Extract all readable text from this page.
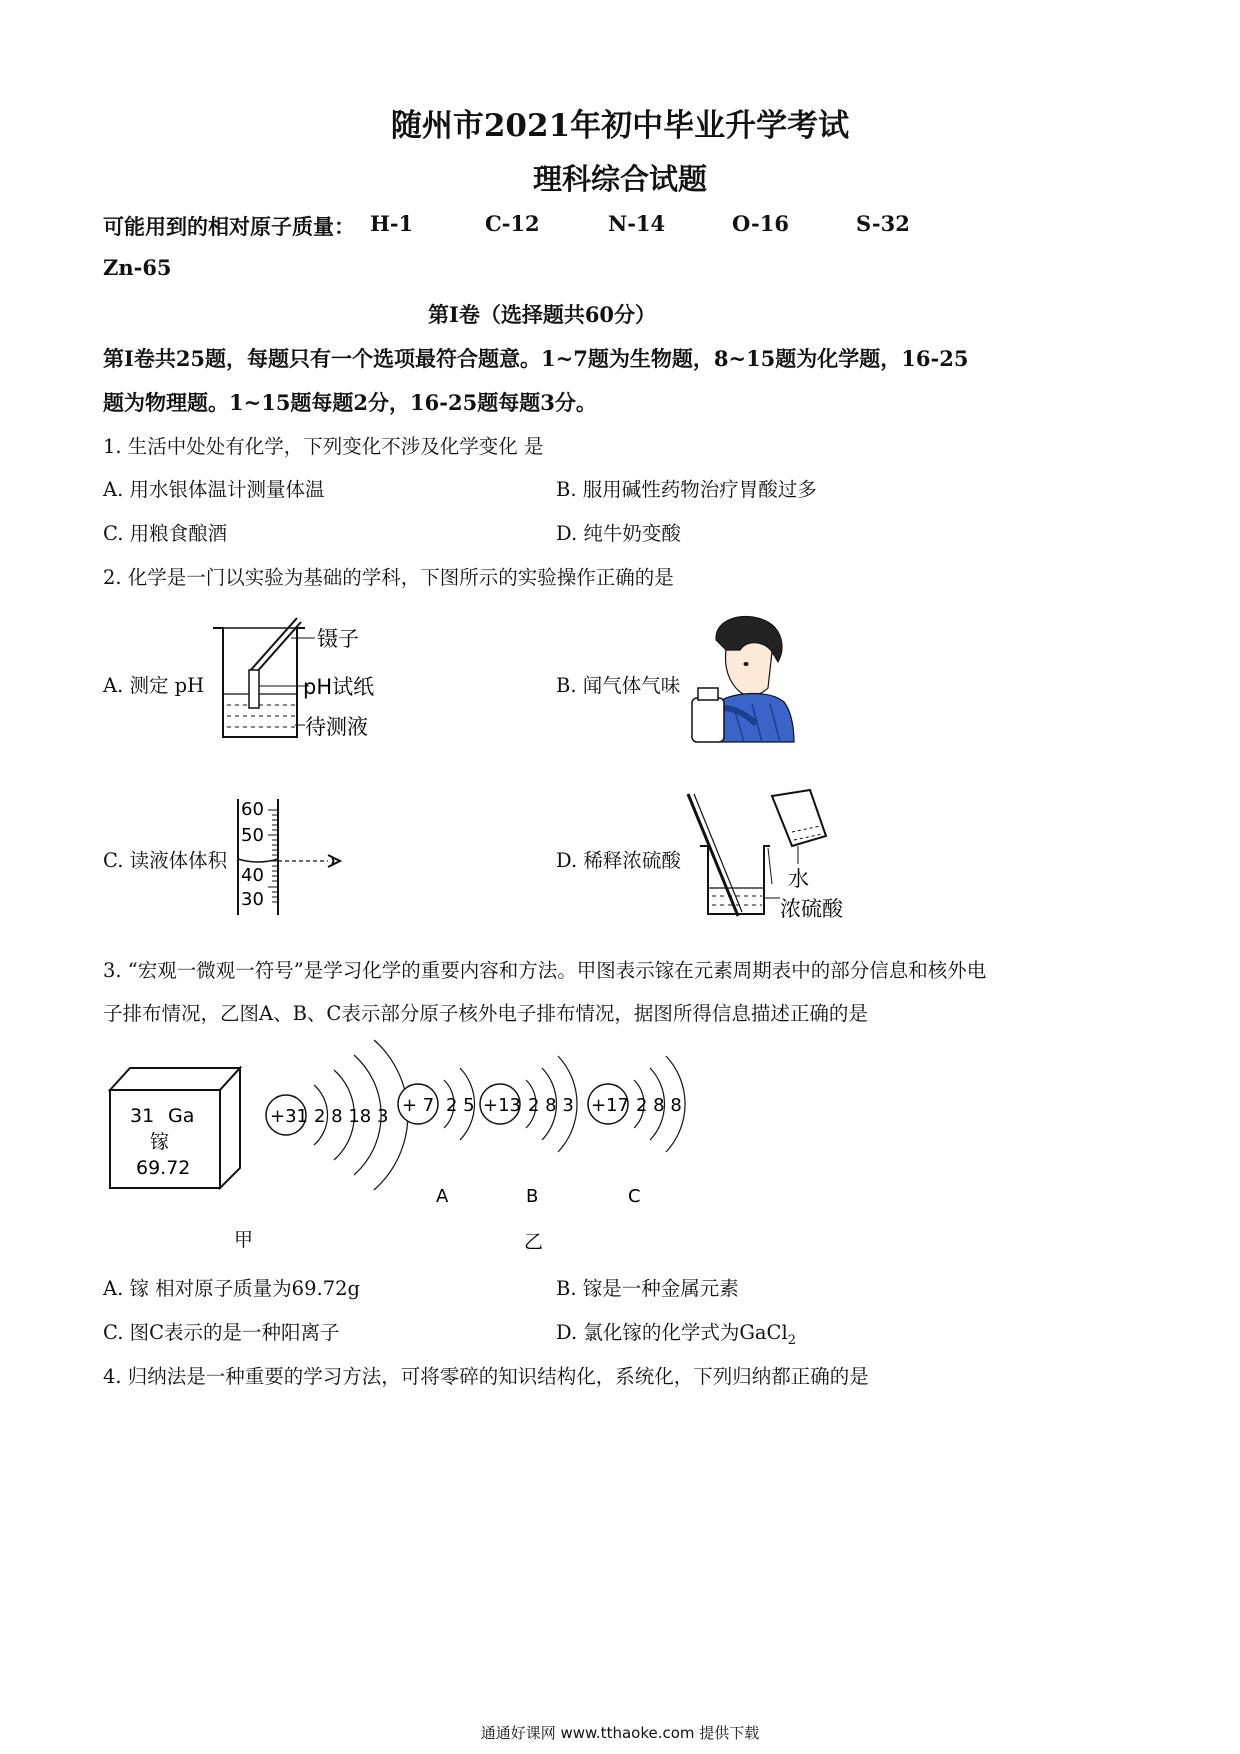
随州市2021年初中毕业升学考试
理科综合试题
可能用到的相对原子质量： H-1	C-12	N-14	O-16	S-32
Zn-65
第Ⅰ卷（选择题共60分）
第Ⅰ卷共25题，每题只有一个选项最符合题意。1~7题为生物题，8~15题为化学题，16-25
题为物理题。1~15题每题2分，16-25题每题3分。
1. 生活中处处有化学，下列变化不涉及化学变化 是
A. 用水银体温计测量体温	B. 服用碱性药物治疗胃酸过多
C. 用粮食酿酒	D. 纯牛奶变酸
2. 化学是一门以实验为基础的学科，下图所示的实验操作正确的是
A. 测定 pH
镊子
pH试纸
待测液
B. 闻气体气味
C. 读液体体积
60
50
40
30
D. 稀释浓硫酸
水
浓硫酸
3. “宏观一微观一符号”是学习化学的重要内容和方法。甲图表示镓在元素周期表中的部分信息和核外电
子排布情况，乙图A、B、C表示部分原子核外电子排布情况，据图所得信息描述正确的是
31 Ga
镓
69.72
+31 2 8 18 3
+ 7 2 5
A
+13 2 8 3
B
+17 2 8 8
C
甲	乙
A. 镓 相对原子质量为69.72g	B. 镓是一种金属元素
C. 图C表示的是一种阳离子	D. 氯化镓的化学式为GaCl$_2$
4. 归纳法是一种重要的学习方法，可将零碎的知识结构化，系统化，下列归纳都正确的是
通通好课网 www.tthaoke.com 提供下载
